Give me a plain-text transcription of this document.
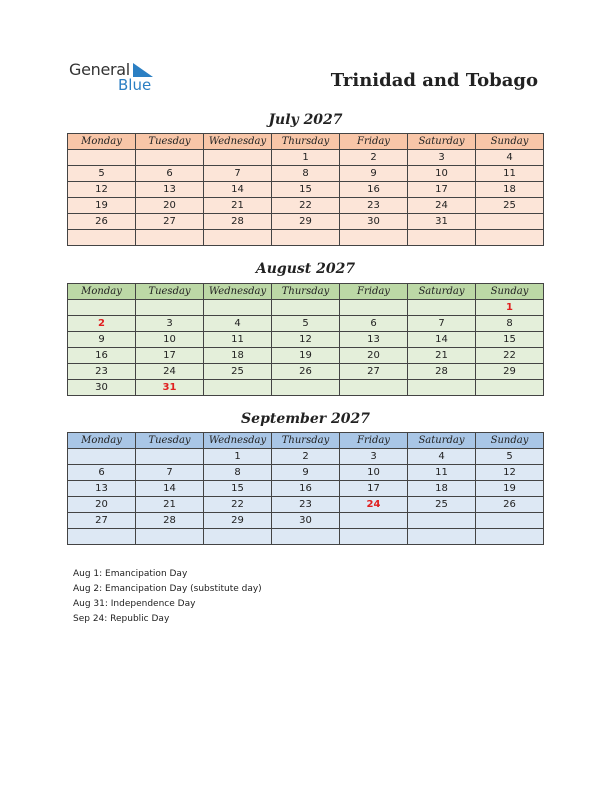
General
Blue	Trinidad and Tobago
July 2027
Monday	Tuesday	Wednesday	Thursday	Friday	Saturday	Sunday
			1	2	3	4
5	6	7	8	9	10	11
12	13	14	15	16	17	18
19	20	21	22	23	24	25
26	27	28	29	30	31	

August 2027
Monday	Tuesday	Wednesday	Thursday	Friday	Saturday	Sunday
						1
2	3	4	5	6	7	8
9	10	11	12	13	14	15
16	17	18	19	20	21	22
23	24	25	26	27	28	29
30	31					
September 2027
Monday	Tuesday	Wednesday	Thursday	Friday	Saturday	Sunday
		1	2	3	4	5
6	7	8	9	10	11	12
13	14	15	16	17	18	19
20	21	22	23	24	25	26
27	28	29	30			

Aug 1: Emancipation Day
Aug 2: Emancipation Day (substitute day)
Aug 31: Independence Day
Sep 24: Republic Day
